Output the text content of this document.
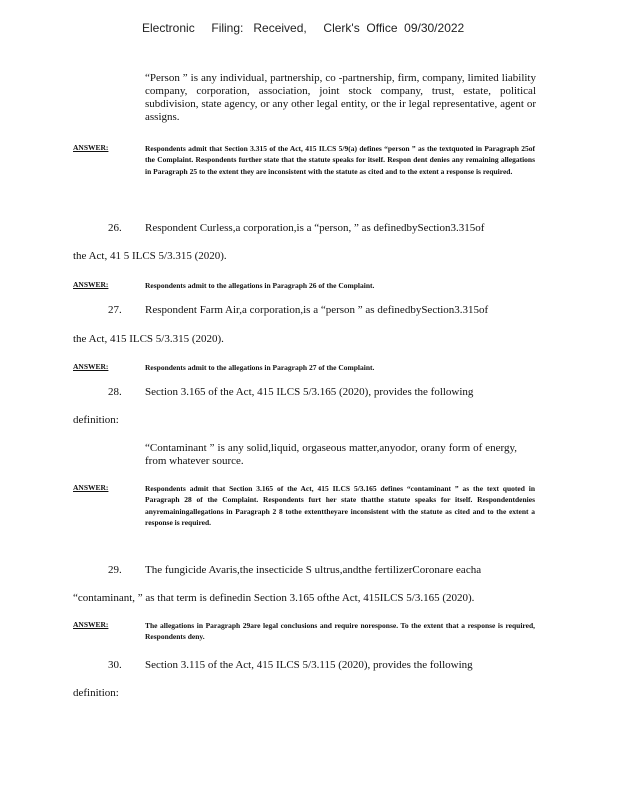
Electronic     Filing:   Received,     Clerk's  Office  09/30/2022
“Person ” is any individual, partnership, co -partnership, firm, company, limited liability company, corporation, association, joint stock company, trust, estate, political subdivision, state agency, or any other legal entity, or the ir legal representative, agent or assigns.
ANSWER:	Respondents admit that Section 3.315 of the Act, 415 ILCS 5/9(a) defines “person ” as the textquoted in Paragraph 25of the Complaint. Respondents further state that the statute speaks for itself. Respon dent denies any remaining allegations in Paragraph 25 to the extent they are inconsistent with the statute as cited and to the extent a response is required.
26. Respondent Curless,a corporation,is a “person, ” as definedbySection3.315of
the Act, 41 5 ILCS 5/3.315 (2020).
ANSWER:	Respondents admit to the allegations in Paragraph 26 of the Complaint.
27. Respondent Farm Air,a corporation,is a “person ” as definedbySection3.315of
the Act, 415 ILCS 5/3.315 (2020).
ANSWER:	Respondents admit to the allegations in Paragraph 27 of the Complaint.
28. Section 3.165 of the Act, 415 ILCS 5/3.165 (2020), provides the following
definition:
“Contaminant ” is any solid,liquid, orgaseous matter,anyodor, orany form of energy, from whatever source.
ANSWER:	Respondents admit that Section 3.165 of the Act, 415 ILCS 5/3.165 defines “contaminant ” as the text quoted in Paragraph 28 of the Complaint. Respondents furt her state thatthe statute speaks for itself. Respondentdenies anyremainingallegations in Paragraph 2 8 tothe extenttheyare inconsistent with the statute as cited and to the extent a response is required.
29. The fungicide Avaris,the insecticide S ultrus,andthe fertilizerCoronare eacha
“contaminant, ” as that term is definedin Section 3.165 ofthe Act, 415ILCS 5/3.165 (2020).
ANSWER:	The allegations in Paragraph 29are legal conclusions and require noresponse. To the extent that a response is required, Respondents deny.
30. Section 3.115 of the Act, 415 ILCS 5/3.115 (2020), provides the following
definition:
